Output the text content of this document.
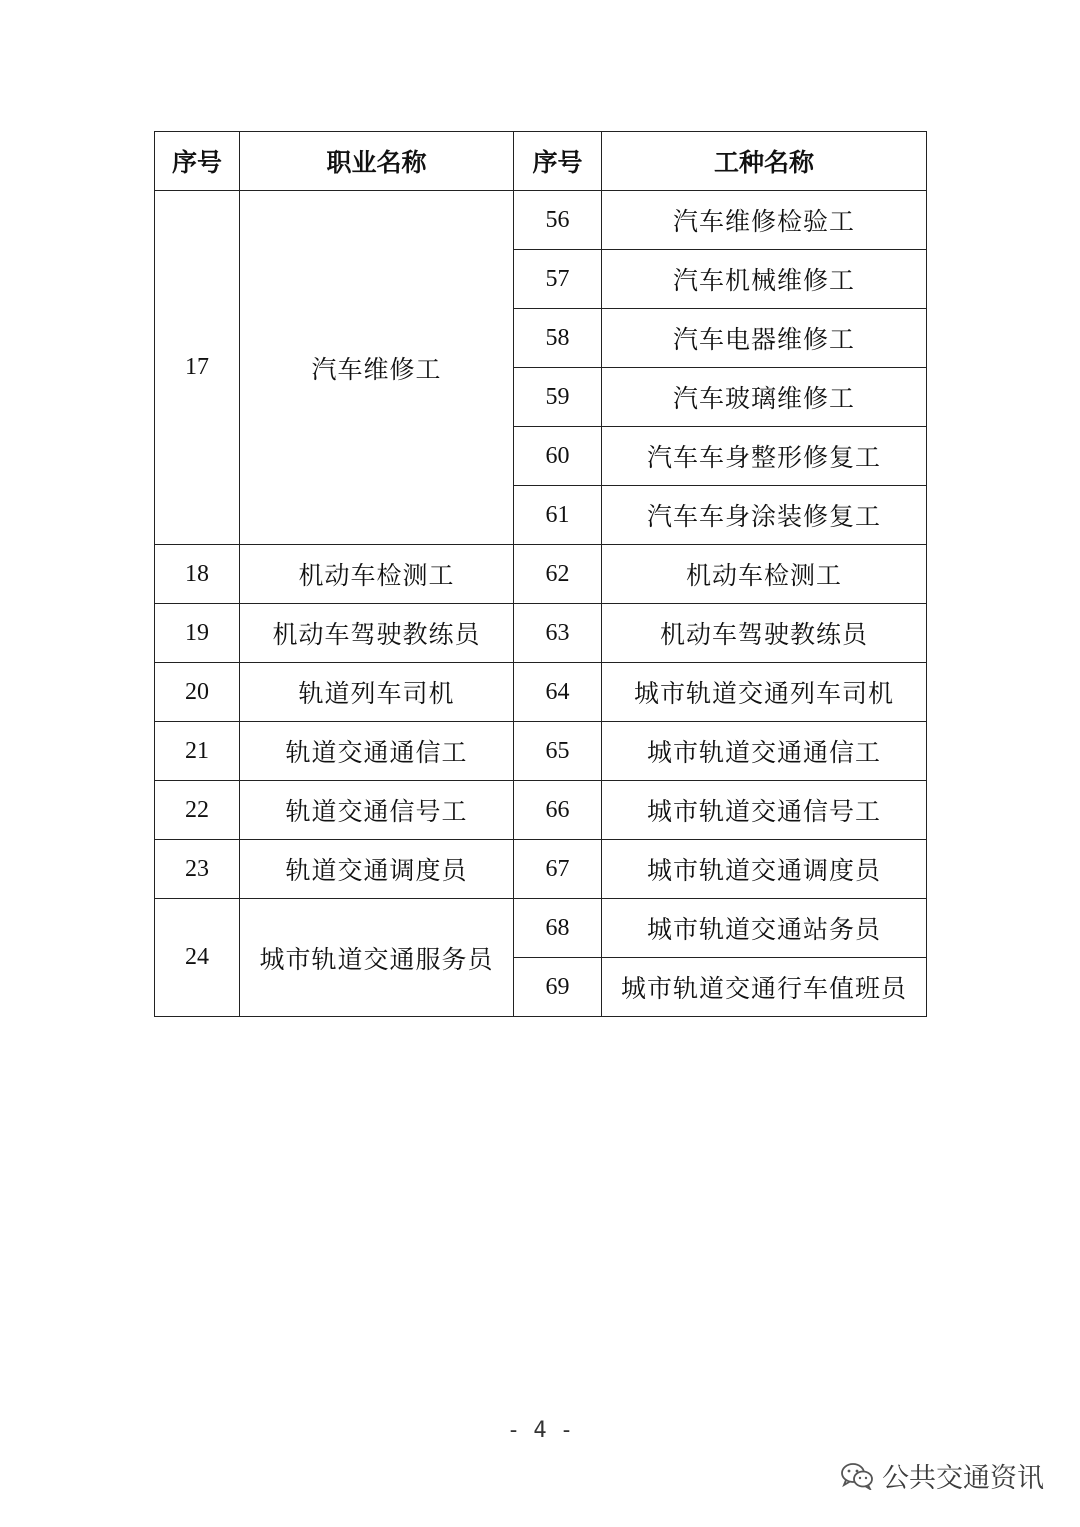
序号	职业名称	序号	工种名称
17	汽车维修工	56	汽车维修检验工
		57	汽车机械维修工
		58	汽车电器维修工
		59	汽车玻璃维修工
		60	汽车车身整形修复工
		61	汽车车身涂装修复工
18	机动车检测工	62	机动车检测工
19	机动车驾驶教练员	63	机动车驾驶教练员
20	轨道列车司机	64	城市轨道交通列车司机
21	轨道交通通信工	65	城市轨道交通通信工
22	轨道交通信号工	66	城市轨道交通信号工
23	轨道交通调度员	67	城市轨道交通调度员
24	城市轨道交通服务员	68	城市轨道交通站务员
		69	城市轨道交通行车值班员
- 4 -
公共交通资讯
